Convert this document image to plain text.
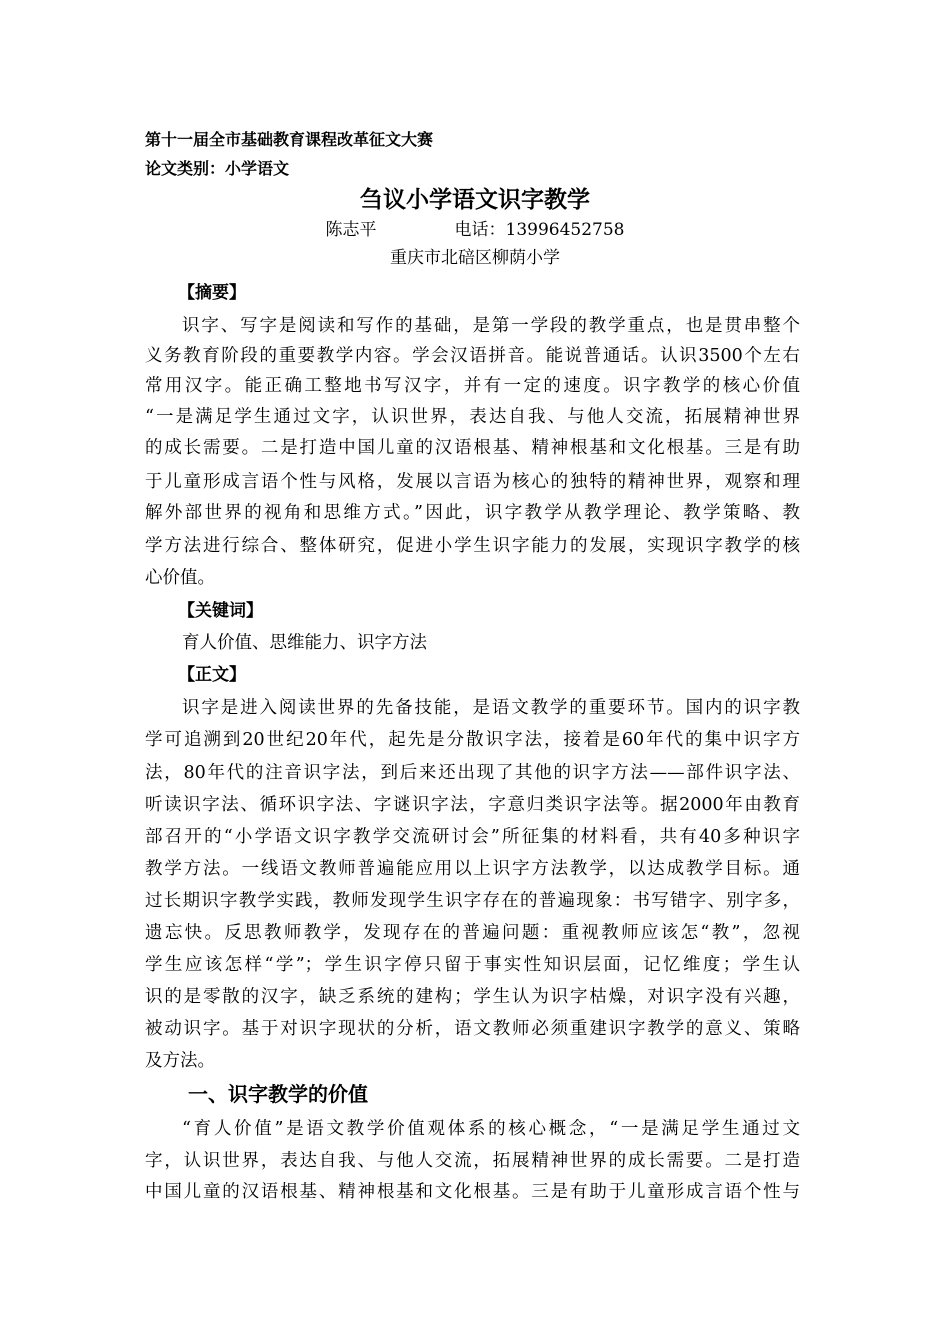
第十一届全市基础教育课程改革征文大赛
论文类别：小学语文
刍议小学语文识字教学
陈志平	电话：13996452758
重庆市北碚区柳荫小学
【摘要】
识字、写字是阅读和写作的基础，是第一学段的教学重点，也是贯串整个
义务教育阶段的重要教学内容。学会汉语拼音。能说普通话。认识3500个左右
常用汉字。能正确工整地书写汉字，并有一定的速度。识字教学的核心价值
“一是满足学生通过文字，认识世界，表达自我、与他人交流，拓展精神世界
的成长需要。二是打造中国儿童的汉语根基、精神根基和文化根基。三是有助
于儿童形成言语个性与风格，发展以言语为核心的独特的精神世界，观察和理
解外部世界的视角和思维方式。”因此，识字教学从教学理论、教学策略、教
学方法进行综合、整体研究，促进小学生识字能力的发展，实现识字教学的核
心价值。
【关键词】
育人价值、思维能力、识字方法
【正文】
识字是进入阅读世界的先备技能，是语文教学的重要环节。国内的识字教
学可追溯到20世纪20年代，起先是分散识字法，接着是60年代的集中识字方
法，80年代的注音识字法，到后来还出现了其他的识字方法——部件识字法、
听读识字法、循环识字法、字谜识字法，字意归类识字法等。据2000年由教育
部召开的“小学语文识字教学交流研讨会”所征集的材料看，共有40多种识字
教学方法。一线语文教师普遍能应用以上识字方法教学，以达成教学目标。通
过长期识字教学实践，教师发现学生识字存在的普遍现象：书写错字、别字多，
遗忘快。反思教师教学，发现存在的普遍问题：重视教师应该怎“教”，忽视
学生应该怎样“学”；学生识字停只留于事实性知识层面，记忆维度；学生认
识的是零散的汉字，缺乏系统的建构；学生认为识字枯燥，对识字没有兴趣，
被动识字。基于对识字现状的分析，语文教师必须重建识字教学的意义、策略
及方法。
一、识字教学的价值
“育人价值”是语文教学价值观体系的核心概念，“一是满足学生通过文
字，认识世界，表达自我、与他人交流，拓展精神世界的成长需要。二是打造
中国儿童的汉语根基、精神根基和文化根基。三是有助于儿童形成言语个性与
